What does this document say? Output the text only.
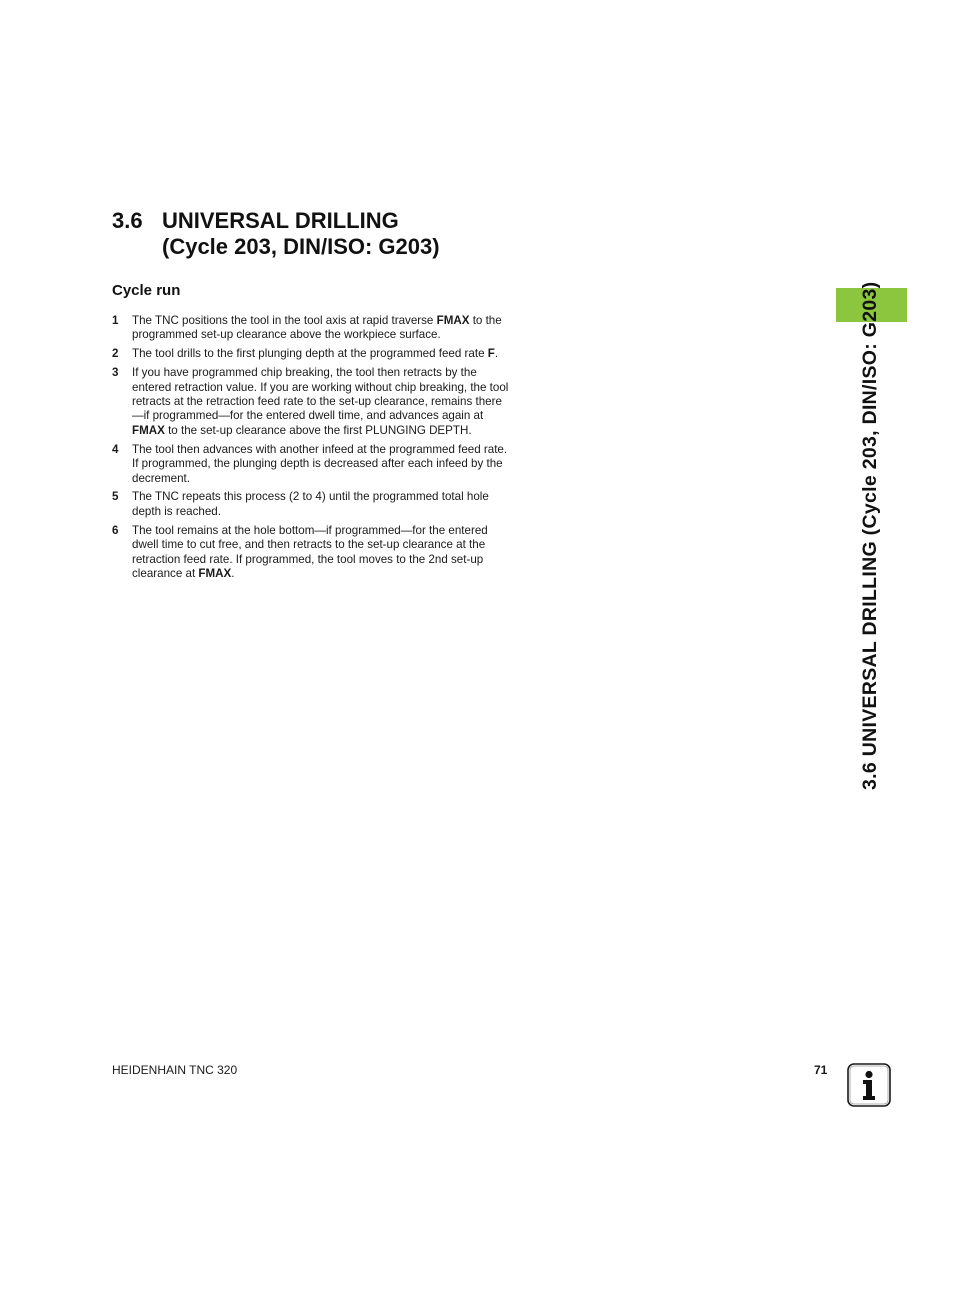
3.6 UNIVERSAL DRILLING
(Cycle 203, DIN/ISO: G203)
Cycle run
1	The TNC positions the tool in the tool axis at rapid traverse FMAX to the programmed set-up clearance above the workpiece surface.
2	The tool drills to the first plunging depth at the programmed feed rate F.
3	If you have programmed chip breaking, the tool then retracts by the entered retraction value. If you are working without chip breaking, the tool retracts at the retraction feed rate to the set-up clearance, remains there—if programmed—for the entered dwell time, and advances again at FMAX to the set-up clearance above the first PLUNGING DEPTH.
4	The tool then advances with another infeed at the programmed feed rate. If programmed, the plunging depth is decreased after each infeed by the decrement.
5	The TNC repeats this process (2 to 4) until the programmed total hole depth is reached.
6	The tool remains at the hole bottom—if programmed—for the entered dwell time to cut free, and then retracts to the set-up clearance at the retraction feed rate. If programmed, the tool moves to the 2nd set-up clearance at FMAX.	3.6 UNIVERSAL DRILLING (Cycle 203, DIN/ISO: G203)
HEIDENHAIN TNC 320	71
